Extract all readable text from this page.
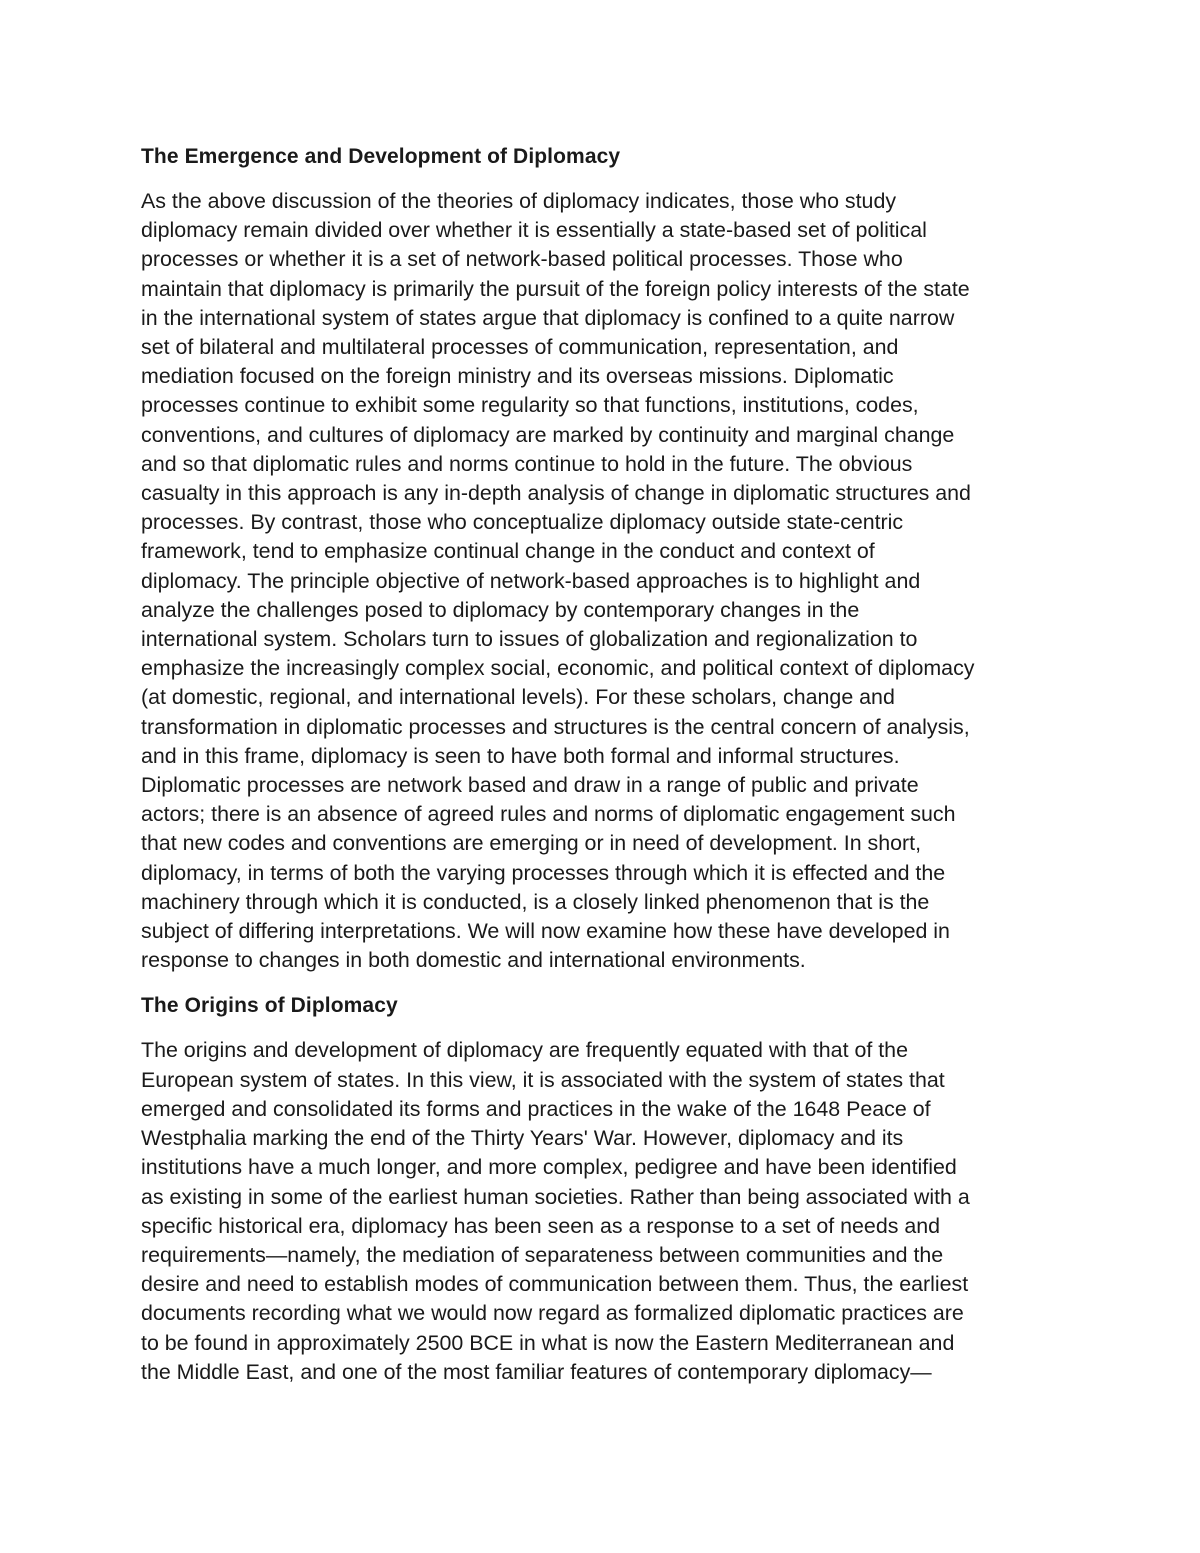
The Emergence and Development of Diplomacy
As the above discussion of the theories of diplomacy indicates, those who study
diplomacy remain divided over whether it is essentially a state-based set of political
processes or whether it is a set of network-based political processes. Those who
maintain that diplomacy is primarily the pursuit of the foreign policy interests of the state
in the international system of states argue that diplomacy is confined to a quite narrow
set of bilateral and multilateral processes of communication, representation, and
mediation focused on the foreign ministry and its overseas missions. Diplomatic
processes continue to exhibit some regularity so that functions, institutions, codes,
conventions, and cultures of diplomacy are marked by continuity and marginal change
and so that diplomatic rules and norms continue to hold in the future. The obvious
casualty in this approach is any in-depth analysis of change in diplomatic structures and
processes. By contrast, those who conceptualize diplomacy outside state-centric
framework, tend to emphasize continual change in the conduct and context of
diplomacy. The principle objective of network-based approaches is to highlight and
analyze the challenges posed to diplomacy by contemporary changes in the
international system. Scholars turn to issues of globalization and regionalization to
emphasize the increasingly complex social, economic, and political context of diplomacy
(at domestic, regional, and international levels). For these scholars, change and
transformation in diplomatic processes and structures is the central concern of analysis,
and in this frame, diplomacy is seen to have both formal and informal structures.
Diplomatic processes are network based and draw in a range of public and private
actors; there is an absence of agreed rules and norms of diplomatic engagement such
that new codes and conventions are emerging or in need of development. In short,
diplomacy, in terms of both the varying processes through which it is effected and the
machinery through which it is conducted, is a closely linked phenomenon that is the
subject of differing interpretations. We will now examine how these have developed in
response to changes in both domestic and international environments.
The Origins of Diplomacy
The origins and development of diplomacy are frequently equated with that of the
European system of states. In this view, it is associated with the system of states that
emerged and consolidated its forms and practices in the wake of the 1648 Peace of
Westphalia marking the end of the Thirty Years' War. However, diplomacy and its
institutions have a much longer, and more complex, pedigree and have been identified
as existing in some of the earliest human societies. Rather than being associated with a
specific historical era, diplomacy has been seen as a response to a set of needs and
requirements—namely, the mediation of separateness between communities and the
desire and need to establish modes of communication between them. Thus, the earliest
documents recording what we would now regard as formalized diplomatic practices are
to be found in approximately 2500 BCE in what is now the Eastern Mediterranean and
the Middle East, and one of the most familiar features of contemporary diplomacy—
